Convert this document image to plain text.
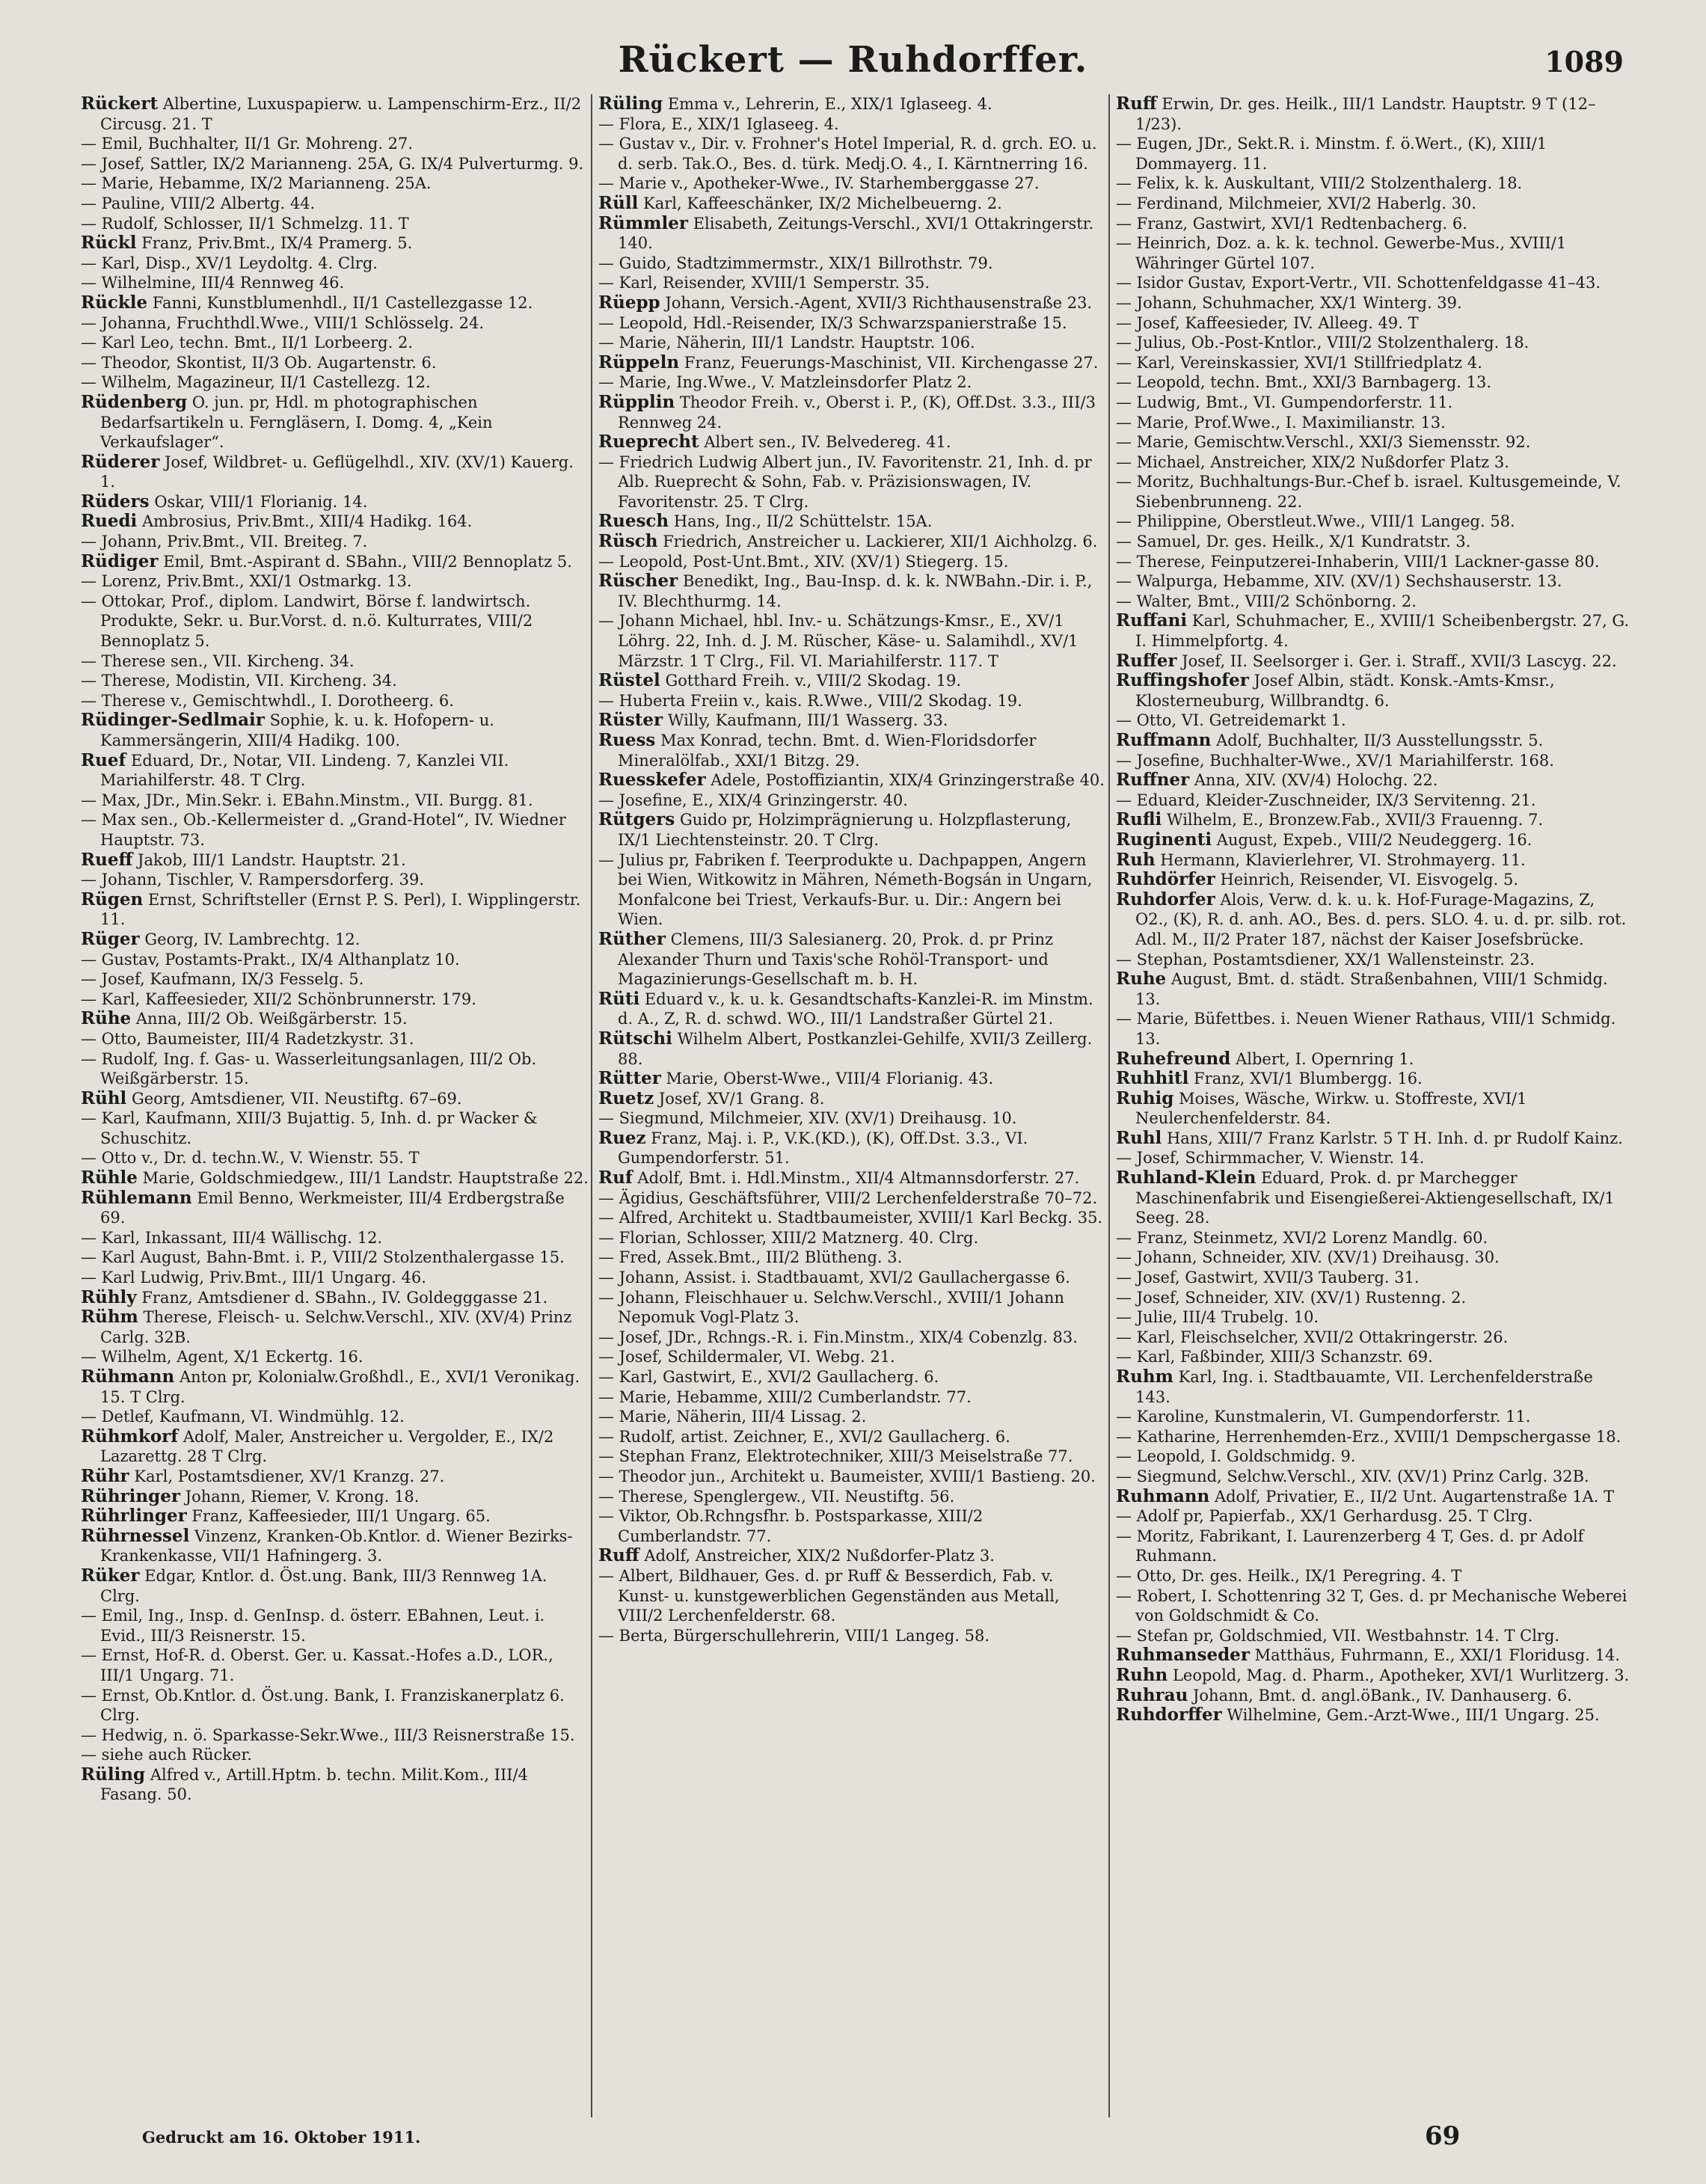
Rückert — Ruhdorffer.	1089

Rückert Albertine, Luxuspapierw. u. Lampenschirm-Erz., II/2 Circusg. 21. T

— Emil, Buchhalter, II/1 Gr. Mohreng. 27.

— Josef, Sattler, IX/2 Marianneng. 25A, G. IX/4 Pulverturmg. 9.

— Marie, Hebamme, IX/2 Marianneng. 25A.

— Pauline, VIII/2 Albertg. 44.

— Rudolf, Schlosser, II/1 Schmelzg. 11. T

Rückl Franz, Priv.Bmt., IX/4 Pramerg. 5.

— Karl, Disp., XV/1 Leydoltg. 4. Clrg.

— Wilhelmine, III/4 Rennweg 46.

Rückle Fanni, Kunstblumenhdl., II/1 Castellezgasse 12.

— Johanna, Fruchthdl.Wwe., VIII/1 Schlösselg. 24.

— Karl Leo, techn. Bmt., II/1 Lorbeerg. 2.

— Theodor, Skontist, II/3 Ob. Augartenstr. 6.

— Wilhelm, Magazineur, II/1 Castellezg. 12.

Rüdenberg O. jun. pr, Hdl. m photographischen Bedarfsartikeln u. Ferngläsern, I. Domg. 4, „Kein Verkaufslager“.

Rüderer Josef, Wildbret- u. Geflügelhdl., XIV. (XV/1) Kauerg. 1.

Rüders Oskar, VIII/1 Florianig. 14.

Ruedi Ambrosius, Priv.Bmt., XIII/4 Hadikg. 164.

— Johann, Priv.Bmt., VII. Breiteg. 7.

Rüdiger Emil, Bmt.-Aspirant d. SBahn., VIII/2 Bennoplatz 5.

— Lorenz, Priv.Bmt., XXI/1 Ostmarkg. 13.

— Ottokar, Prof., diplom. Landwirt, Börse f. landwirtsch. Produkte, Sekr. u. Bur.Vorst. d. n.ö. Kulturrates, VIII/2 Bennoplatz 5.

— Therese sen., VII. Kircheng. 34.

— Therese, Modistin, VII. Kircheng. 34.

— Therese v., Gemischtwhdl., I. Dorotheerg. 6.

Rüdinger-Sedlmair Sophie, k. u. k. Hofopern- u. Kammersängerin, XIII/4 Hadikg. 100.

Ruef Eduard, Dr., Notar, VII. Lindeng. 7, Kanzlei VII. Mariahilferstr. 48. T Clrg.

— Max, JDr., Min.Sekr. i. EBahn.Minstm., VII. Burgg. 81.

— Max sen., Ob.-Kellermeister d. „Grand-Hotel“, IV. Wiedner Hauptstr. 73.

Rueff Jakob, III/1 Landstr. Hauptstr. 21.

— Johann, Tischler, V. Rampersdorferg. 39.

Rügen Ernst, Schriftsteller (Ernst P. S. Perl), I. Wipplingerstr. 11.

Rüger Georg, IV. Lambrechtg. 12.

— Gustav, Postamts-Prakt., IX/4 Althanplatz 10.

— Josef, Kaufmann, IX/3 Fesselg. 5.

— Karl, Kaffeesieder, XII/2 Schönbrunnerstr. 179.

Rühe Anna, III/2 Ob. Weißgärberstr. 15.

— Otto, Baumeister, III/4 Radetzkystr. 31.

— Rudolf, Ing. f. Gas- u. Wasserleitungsanlagen, III/2 Ob. Weißgärberstr. 15.

Rühl Georg, Amtsdiener, VII. Neustiftg. 67–69.

— Karl, Kaufmann, XIII/3 Bujattig. 5, Inh. d. pr Wacker & Schuschitz.

— Otto v., Dr. d. techn.W., V. Wienstr. 55. T

Rühle Marie, Goldschmiedgew., III/1 Landstr. Hauptstraße 22.

Rühlemann Emil Benno, Werkmeister, III/4 Erdbergstraße 69.

— Karl, Inkassant, III/4 Wällischg. 12.

— Karl August, Bahn-Bmt. i. P., VIII/2 Stolzenthalergasse 15.

— Karl Ludwig, Priv.Bmt., III/1 Ungarg. 46.

Rühly Franz, Amtsdiener d. SBahn., IV. Goldegggasse 21.

Rühm Therese, Fleisch- u. Selchw.Verschl., XIV. (XV/4) Prinz Carlg. 32B.

— Wilhelm, Agent, X/1 Eckertg. 16.

Rühmann Anton pr, Kolonialw.Großhdl., E., XVI/1 Veronikag. 15. T Clrg.

— Detlef, Kaufmann, VI. Windmühlg. 12.

Rühmkorf Adolf, Maler, Anstreicher u. Vergolder, E., IX/2 Lazarettg. 28 T Clrg.

Rühr Karl, Postamtsdiener, XV/1 Kranzg. 27.

Rühringer Johann, Riemer, V. Krong. 18.

Rührlinger Franz, Kaffeesieder, III/1 Ungarg. 65.

Rührnessel Vinzenz, Kranken-Ob.Kntlor. d. Wiener Bezirks-Krankenkasse, VII/1 Hafningerg. 3.

Rüker Edgar, Kntlor. d. Öst.ung. Bank, III/3 Rennweg 1A. Clrg.

— Emil, Ing., Insp. d. GenInsp. d. österr. EBahnen, Leut. i. Evid., III/3 Reisnerstr. 15.

— Ernst, Hof-R. d. Oberst. Ger. u. Kassat.-Hofes a.D., LOR., III/1 Ungarg. 71.

— Ernst, Ob.Kntlor. d. Öst.ung. Bank, I. Franziskanerplatz 6. Clrg.

— Hedwig, n. ö. Sparkasse-Sekr.Wwe., III/3 Reisnerstraße 15.

— siehe auch Rücker.

Rüling Alfred v., Artill.Hptm. b. techn. Milit.Kom., III/4 Fasang. 50.

Rüling Emma v., Lehrerin, E., XIX/1 Iglaseeg. 4.

— Flora, E., XIX/1 Iglaseeg. 4.

— Gustav v., Dir. v. Frohner's Hotel Imperial, R. d. grch. EO. u. d. serb. Tak.O., Bes. d. türk. Medj.O. 4., I. Kärntnerring 16.

— Marie v., Apotheker-Wwe., IV. Starhemberggasse 27.

Rüll Karl, Kaffeeschänker, IX/2 Michelbeuerng. 2.

Rümmler Elisabeth, Zeitungs-Verschl., XVI/1 Ottakringerstr. 140.

— Guido, Stadtzimmermstr., XIX/1 Billrothstr. 79.

— Karl, Reisender, XVIII/1 Semperstr. 35.

Rüepp Johann, Versich.-Agent, XVII/3 Richthausenstraße 23.

— Leopold, Hdl.-Reisender, IX/3 Schwarzspanierstraße 15.

— Marie, Näherin, III/1 Landstr. Hauptstr. 106.

Rüppeln Franz, Feuerungs-Maschinist, VII. Kirchengasse 27.

— Marie, Ing.Wwe., V. Matzleinsdorfer Platz 2.

Rüpplin Theodor Freih. v., Oberst i. P., (K), Off.Dst. 3.3., III/3 Rennweg 24.

Rueprecht Albert sen., IV. Belvedereg. 41.

— Friedrich Ludwig Albert jun., IV. Favoritenstr. 21, Inh. d. pr Alb. Rueprecht & Sohn, Fab. v. Präzisionswagen, IV. Favoritenstr. 25. T Clrg.

Ruesch Hans, Ing., II/2 Schüttelstr. 15A.

Rüsch Friedrich, Anstreicher u. Lackierer, XII/1 Aichholzg. 6.

— Leopold, Post-Unt.Bmt., XIV. (XV/1) Stiegerg. 15.

Rüscher Benedikt, Ing., Bau-Insp. d. k. k. NWBahn.-Dir. i. P., IV. Blechthurmg. 14.

— Johann Michael, hbl. Inv.- u. Schätzungs-Kmsr., E., XV/1 Löhrg. 22, Inh. d. J. M. Rüscher, Käse- u. Salamihdl., XV/1 Märzstr. 1 T Clrg., Fil. VI. Mariahilferstr. 117. T

Rüstel Gotthard Freih. v., VIII/2 Skodag. 19.

— Huberta Freiin v., kais. R.Wwe., VIII/2 Skodag. 19.

Rüster Willy, Kaufmann, III/1 Wasserg. 33.

Ruess Max Konrad, techn. Bmt. d. Wien-Floridsdorfer Mineralölfab., XXI/1 Bitzg. 29.

Ruesskefer Adele, Postoffiziantin, XIX/4 Grinzingerstraße 40.

— Josefine, E., XIX/4 Grinzingerstr. 40.

Rütgers Guido pr, Holzimprägnierung u. Holzpflasterung, IX/1 Liechtensteinstr. 20. T Clrg.

— Julius pr, Fabriken f. Teerprodukte u. Dachpappen, Angern bei Wien, Witkowitz in Mähren, Németh-Bogsán in Ungarn, Monfalcone bei Triest, Verkaufs-Bur. u. Dir.: Angern bei Wien.

Rüther Clemens, III/3 Salesianerg. 20, Prok. d. pr Prinz Alexander Thurn und Taxis'sche Rohöl-Transport- und Magazinierungs-Gesellschaft m. b. H.

Rüti Eduard v., k. u. k. Gesandtschafts-Kanzlei-R. im Minstm. d. A., Z, R. d. schwd. WO., III/1 Landstraßer Gürtel 21.

Rütschi Wilhelm Albert, Postkanzlei-Gehilfe, XVII/3 Zeillerg. 88.

Rütter Marie, Oberst-Wwe., VIII/4 Florianig. 43.

Ruetz Josef, XV/1 Grang. 8.

— Siegmund, Milchmeier, XIV. (XV/1) Dreihausg. 10.

Ruez Franz, Maj. i. P., V.K.(KD.), (K), Off.Dst. 3.3., VI. Gumpendorferstr. 51.

Ruf Adolf, Bmt. i. Hdl.Minstm., XII/4 Altmannsdorferstr. 27.

— Ägidius, Geschäftsführer, VIII/2 Lerchenfelderstraße 70–72.

— Alfred, Architekt u. Stadtbaumeister, XVIII/1 Karl Beckg. 35.

— Florian, Schlosser, XIII/2 Matznerg. 40. Clrg.

— Fred, Assek.Bmt., III/2 Blütheng. 3.

— Johann, Assist. i. Stadtbauamt, XVI/2 Gaullachergasse 6.

— Johann, Fleischhauer u. Selchw.Verschl., XVIII/1 Johann Nepomuk Vogl-Platz 3.

— Josef, JDr., Rchngs.-R. i. Fin.Minstm., XIX/4 Cobenzlg. 83.

— Josef, Schildermaler, VI. Webg. 21.

— Karl, Gastwirt, E., XVI/2 Gaullacherg. 6.

— Marie, Hebamme, XIII/2 Cumberlandstr. 77.

— Marie, Näherin, III/4 Lissag. 2.

— Rudolf, artist. Zeichner, E., XVI/2 Gaullacherg. 6.

— Stephan Franz, Elektrotechniker, XIII/3 Meiselstraße 77.

— Theodor jun., Architekt u. Baumeister, XVIII/1 Bastieng. 20.

— Therese, Spenglergew., VII. Neustiftg. 56.

— Viktor, Ob.Rchngsfhr. b. Postsparkasse, XIII/2 Cumberlandstr. 77.

Ruff Adolf, Anstreicher, XIX/2 Nußdorfer-Platz 3.

— Albert, Bildhauer, Ges. d. pr Ruff & Besserdich, Fab. v. Kunst- u. kunstgewerblichen Gegenständen aus Metall, VIII/2 Lerchenfelderstr. 68.

— Berta, Bürgerschullehrerin, VIII/1 Langeg. 58.

Ruff Erwin, Dr. ges. Heilk., III/1 Landstr. Hauptstr. 9 T (12–1/23).

— Eugen, JDr., Sekt.R. i. Minstm. f. ö.Wert., (K), XIII/1 Dommayerg. 11.

— Felix, k. k. Auskultant, VIII/2 Stolzenthalerg. 18.

— Ferdinand, Milchmeier, XVI/2 Haberlg. 30.

— Franz, Gastwirt, XVI/1 Redtenbacherg. 6.

— Heinrich, Doz. a. k. k. technol. Gewerbe-Mus., XVIII/1 Währinger Gürtel 107.

— Isidor Gustav, Export-Vertr., VII. Schottenfeldgasse 41–43.

— Johann, Schuhmacher, XX/1 Winterg. 39.

— Josef, Kaffeesieder, IV. Alleeg. 49. T

— Julius, Ob.-Post-Kntlor., VIII/2 Stolzenthalerg. 18.

— Karl, Vereinskassier, XVI/1 Stillfriedplatz 4.

— Leopold, techn. Bmt., XXI/3 Barnbagerg. 13.

— Ludwig, Bmt., VI. Gumpendorferstr. 11.

— Marie, Prof.Wwe., I. Maximilianstr. 13.

— Marie, Gemischtw.Verschl., XXI/3 Siemensstr. 92.

— Michael, Anstreicher, XIX/2 Nußdorfer Platz 3.

— Moritz, Buchhaltungs-Bur.-Chef b. israel. Kultusgemeinde, V. Siebenbrunneng. 22.

— Philippine, Oberstleut.Wwe., VIII/1 Langeg. 58.

— Samuel, Dr. ges. Heilk., X/1 Kundratstr. 3.

— Therese, Feinputzerei-Inhaberin, VIII/1 Lackner-gasse 80.

— Walpurga, Hebamme, XIV. (XV/1) Sechshauserstr. 13.

— Walter, Bmt., VIII/2 Schönborng. 2.

Ruffani Karl, Schuhmacher, E., XVIII/1 Scheibenbergstr. 27, G. I. Himmelpfortg. 4.

Ruffer Josef, II. Seelsorger i. Ger. i. Straff., XVII/3 Lascyg. 22.

Ruffingshofer Josef Albin, städt. Konsk.-Amts-Kmsr., Klosterneuburg, Willbrandtg. 6.

— Otto, VI. Getreidemarkt 1.

Ruffmann Adolf, Buchhalter, II/3 Ausstellungsstr. 5.

— Josefine, Buchhalter-Wwe., XV/1 Mariahilferstr. 168.

Ruffner Anna, XIV. (XV/4) Holochg. 22.

— Eduard, Kleider-Zuschneider, IX/3 Servitenng. 21.

Rufli Wilhelm, E., Bronzew.Fab., XVII/3 Frauenng. 7.

Ruginenti August, Expeb., VIII/2 Neudeggerg. 16.

Ruh Hermann, Klavierlehrer, VI. Strohmayerg. 11.

Ruhdörfer Heinrich, Reisender, VI. Eisvogelg. 5.

Ruhdorfer Alois, Verw. d. k. u. k. Hof-Furage-Magazins, Z, O2., (K), R. d. anh. AO., Bes. d. pers. SLO. 4. u. d. pr. silb. rot. Adl. M., II/2 Prater 187, nächst der Kaiser Josefsbrücke.

— Stephan, Postamtsdiener, XX/1 Wallensteinstr. 23.

Ruhe August, Bmt. d. städt. Straßenbahnen, VIII/1 Schmidg. 13.

— Marie, Büfettbes. i. Neuen Wiener Rathaus, VIII/1 Schmidg. 13.

Ruhefreund Albert, I. Opernring 1.

Ruhhitl Franz, XVI/1 Blumbergg. 16.

Ruhig Moises, Wäsche, Wirkw. u. Stoffreste, XVI/1 Neulerchenfelderstr. 84.

Ruhl Hans, XIII/7 Franz Karlstr. 5 T H. Inh. d. pr Rudolf Kainz.

— Josef, Schirmmacher, V. Wienstr. 14.

Ruhland-Klein Eduard, Prok. d. pr Marchegger Maschinenfabrik und Eisengießerei-Aktiengesellschaft, IX/1 Seeg. 28.

— Franz, Steinmetz, XVI/2 Lorenz Mandlg. 60.

— Johann, Schneider, XIV. (XV/1) Dreihausg. 30.

— Josef, Gastwirt, XVII/3 Tauberg. 31.

— Josef, Schneider, XIV. (XV/1) Rustenng. 2.

— Julie, III/4 Trubelg. 10.

— Karl, Fleischselcher, XVII/2 Ottakringerstr. 26.

— Karl, Faßbinder, XIII/3 Schanzstr. 69.

Ruhm Karl, Ing. i. Stadtbauamte, VII. Lerchenfelderstraße 143.

— Karoline, Kunstmalerin, VI. Gumpendorferstr. 11.

— Katharine, Herrenhemden-Erz., XVIII/1 Dempschergasse 18.

— Leopold, I. Goldschmidg. 9.

— Siegmund, Selchw.Verschl., XIV. (XV/1) Prinz Carlg. 32B.

Ruhmann Adolf, Privatier, E., II/2 Unt. Augartenstraße 1A. T

— Adolf pr, Papierfab., XX/1 Gerhardusg. 25. T Clrg.

— Moritz, Fabrikant, I. Laurenzerberg 4 T, Ges. d. pr Adolf Ruhmann.

— Otto, Dr. ges. Heilk., IX/1 Peregring. 4. T

— Robert, I. Schottenring 32 T, Ges. d. pr Mechanische Weberei von Goldschmidt & Co.

— Stefan pr, Goldschmied, VII. Westbahnstr. 14. T Clrg.

Ruhmanseder Matthäus, Fuhrmann, E., XXI/1 Floridusg. 14.

Ruhn Leopold, Mag. d. Pharm., Apotheker, XVI/1 Wurlitzerg. 3.

Ruhrau Johann, Bmt. d. angl.öBank., IV. Danhauserg. 6.

Ruhdorffer Wilhelmine, Gem.-Arzt-Wwe., III/1 Ungarg. 25.

Gedruckt am 16. Oktober 1911.	69
